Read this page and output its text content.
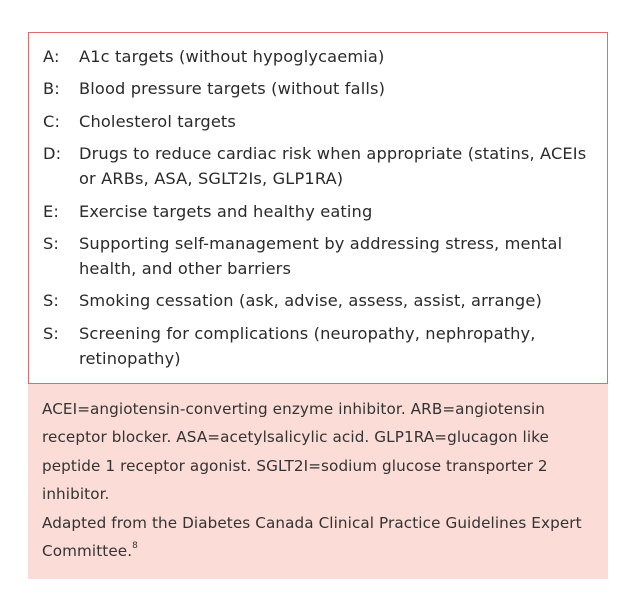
A:	A1c targets (without hypoglycaemia)
B:	Blood pressure targets (without falls)
C:	Cholesterol targets
D:	Drugs to reduce cardiac risk when appropriate (statins, ACEIs or ARBs, ASA, SGLT2Is, GLP1RA)
E:	Exercise targets and healthy eating
S:	Supporting self-management by addressing stress, mental health, and other barriers
S:	Smoking cessation (ask, advise, assess, assist, arrange)
S:	Screening for complications (neuropathy, nephropathy, retinopathy)

ACEI=angiotensin-converting enzyme inhibitor. ARB=angiotensin receptor blocker. ASA=acetylsalicylic acid. GLP1RA=glucagon like peptide 1 receptor agonist. SGLT2I=sodium glucose transporter 2 inhibitor.

Adapted from the Diabetes Canada Clinical Practice Guidelines Expert Committee.$^8$
